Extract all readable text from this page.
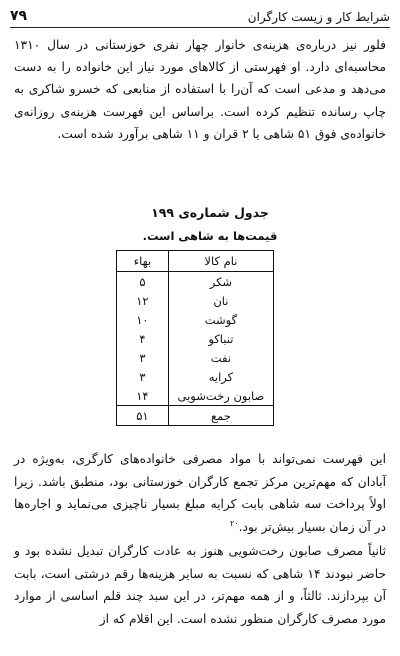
شرایط کار و زیست کارگران
۷۹

فلور نیز درباره‌ی هزینه‌ی خانوار چهار نفری خوزستانی در سال ۱۳۱۰ محاسبه‌ای دارد. او فهرستی از کالاهای مورد نیاز این خانواده را به دست می‌دهد و مدعی است که آن‌را با استفاده از منابعی که خسرو شاکری به چاپ رسانده تنظیم کرده است. براساس این فهرست هزینه‌ی روزانه‌ی خانواده‌ی فوق ۵۱ شاهی یا ۲ قران و ۱۱ شاهی برآورد شده است.

جدول شماره‌ی ۱۹۹

قیمت‌ها به شاهی است.

نام کالا	بهاء
شکر	۵
نان	۱۲
گوشت	۱۰
تنباکو	۴
نفت	۳
کرایه	۳
صابون رخت‌شویی	۱۴
جمع	۵۱

این فهرست نمی‌تواند با مواد مصرفی خانواده‌های کارگری، به‌ویژه در آبادان که مهم‌ترین مرکز تجمع کارگران خوزستانی بود، منطبق باشد. زیرا اولاً پرداخت سه شاهی بابت کرایه مبلغ بسیار ناچیزی می‌نماید و اجاره‌ها در آن زمان بسیار بیش‌تر بود.$^{۲۰}$

ثانیاً مصرف صابون رخت‌شویی هنوز به عادت کارگران تبدیل نشده بود و حاضر نبودند ۱۴ شاهی که نسبت به سایر هزینه‌ها رقم درشتی است، بابت آن بپردازند. ثالثاً، و از همه مهم‌تر، در این سبد چند قلم اساسی از موارد مورد مصرف کارگران منظور نشده است. این اقلام که از
